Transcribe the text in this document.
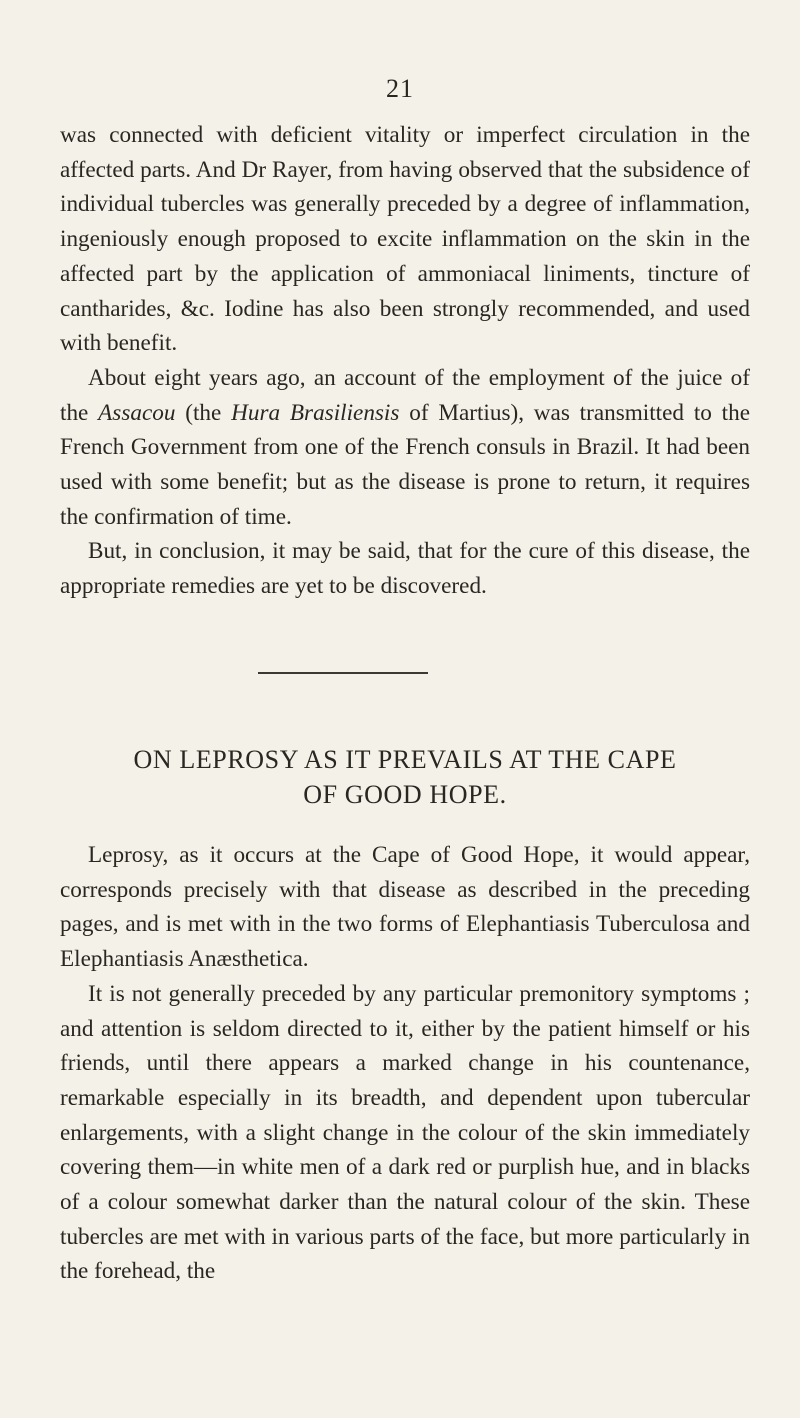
21

was connected with deficient vitality or imperfect circulation in the affected parts. And Dr Rayer, from having observed that the subsidence of individual tubercles was generally preceded by a degree of inflammation, ingeniously enough proposed to excite inflammation on the skin in the affected part by the application of ammoniacal liniments, tincture of cantharides, &c. Iodine has also been strongly recommended, and used with benefit.

About eight years ago, an account of the employment of the juice of the Assacou (the Hura Brasiliensis of Martius), was transmitted to the French Government from one of the French consuls in Brazil. It had been used with some benefit; but as the disease is prone to return, it requires the confirmation of time.

But, in conclusion, it may be said, that for the cure of this disease, the appropriate remedies are yet to be discovered.

ON LEPROSY AS IT PREVAILS AT THE CAPE
OF GOOD HOPE.

Leprosy, as it occurs at the Cape of Good Hope, it would appear, corresponds precisely with that disease as described in the preceding pages, and is met with in the two forms of Elephantiasis Tuberculosa and Elephantiasis Anæsthetica.

It is not generally preceded by any particular premonitory symptoms ; and attention is seldom directed to it, either by the patient himself or his friends, until there appears a marked change in his countenance, remarkable especially in its breadth, and dependent upon tubercular enlargements, with a slight change in the colour of the skin immediately covering them—in white men of a dark red or purplish hue, and in blacks of a colour somewhat darker than the natural colour of the skin. These tubercles are met with in various parts of the face, but more particularly in the forehead, the
